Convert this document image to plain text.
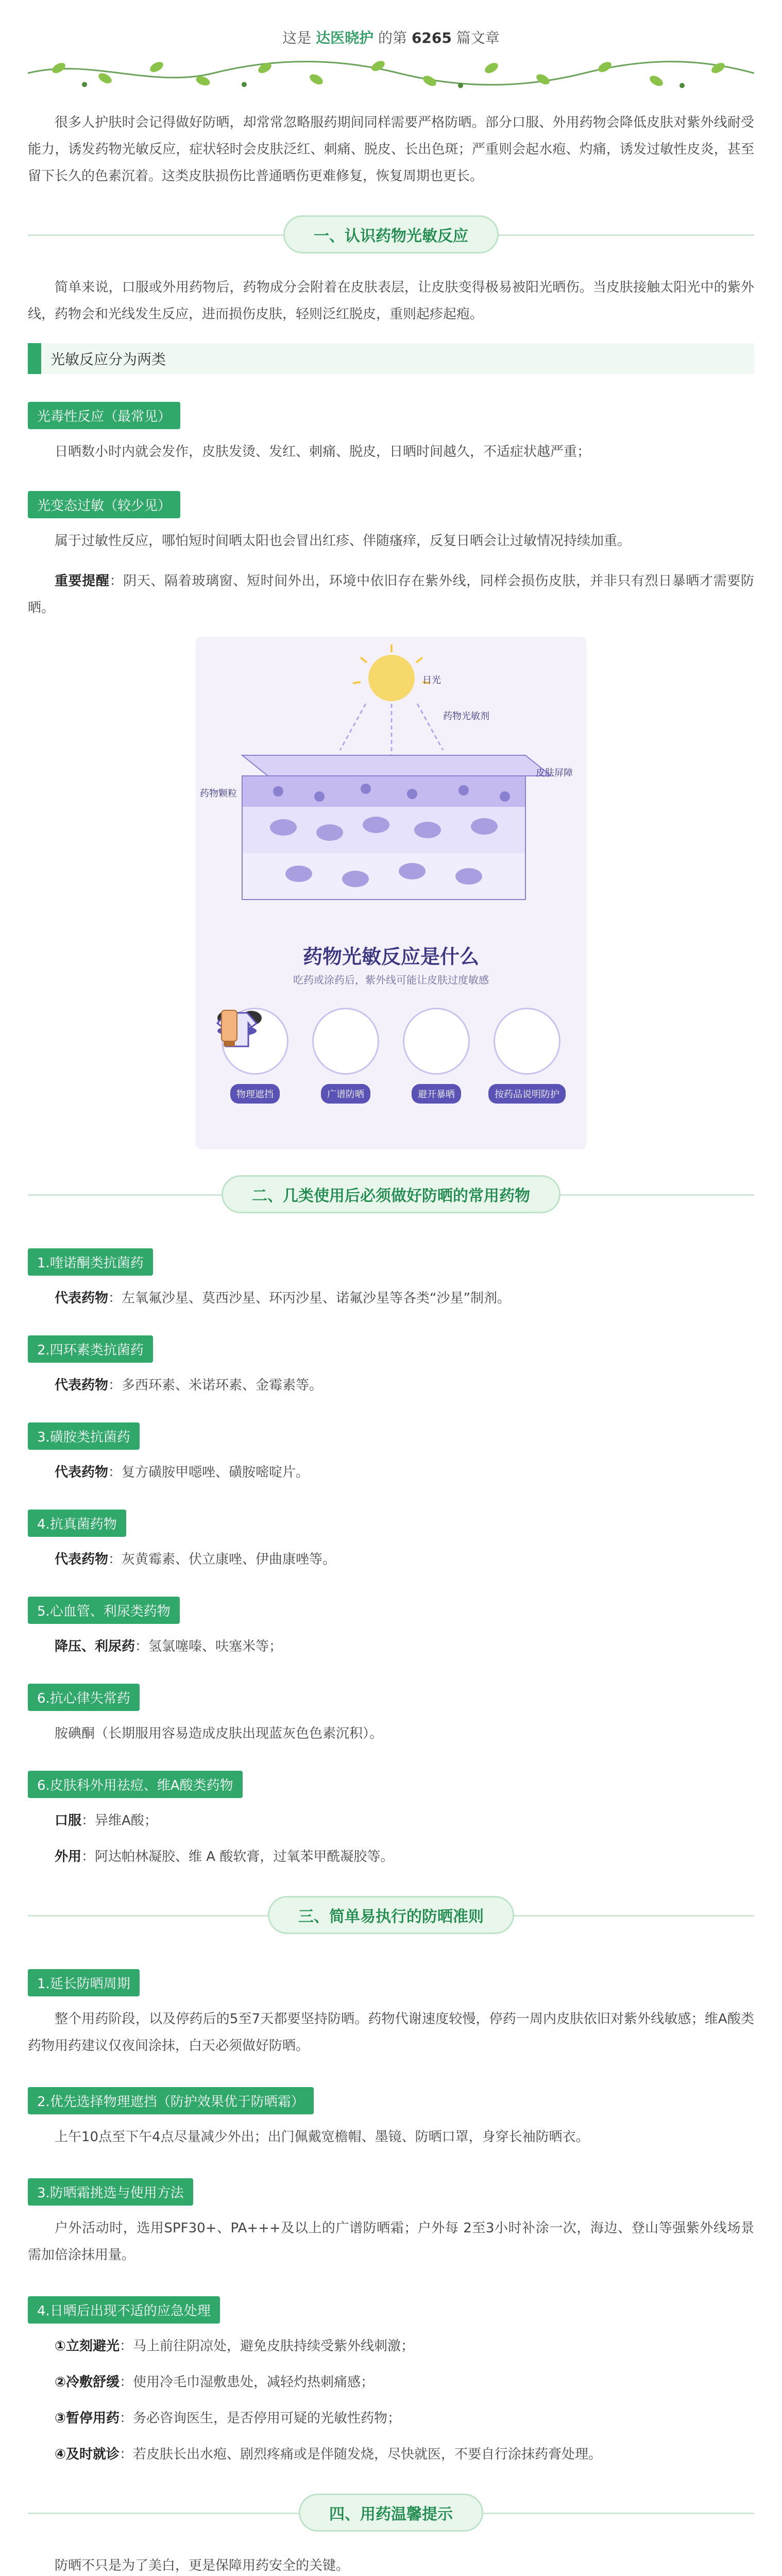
这是 达医晓护 的第 6265 篇文章

很多人护肤时会记得做好防晒，却常常忽略服药期间同样需要严格防晒。部分口服、外用药物会降低皮肤对紫外线耐受能力，诱发药物光敏反应，症状轻时会皮肤泛红、刺痛、脱皮、长出色斑；严重则会起水疱、灼痛，诱发过敏性皮炎，甚至留下长久的色素沉着。这类皮肤损伤比普通晒伤更难修复，恢复周期也更长。

一、认识药物光敏反应

简单来说，口服或外用药物后，药物成分会附着在皮肤表层，让皮肤变得极易被阳光晒伤。当皮肤接触太阳光中的紫外线，药物会和光线发生反应，进而损伤皮肤，轻则泛红脱皮，重则起疹起疱。

光敏反应分为两类
光毒性反应（最常见）

日晒数小时内就会发作，皮肤发烫、发红、刺痛、脱皮，日晒时间越久，不适症状越严重；

光变态过敏（较少见）

属于过敏性反应，哪怕短时间晒太阳也会冒出红疹、伴随瘙痒，反复日晒会让过敏情况持续加重。

重要提醒：阴天、隔着玻璃窗、短时间外出，环境中依旧存在紫外线，同样会损伤皮肤，并非只有烈日暴晒才需要防晒。

药物光敏剂
药物颗粒
皮肤屏障
日光
药物光敏反应是什么
吃药或涂药后，紫外线可能让皮肤过度敏感
物理遮挡	广谱防晒	避开暴晒	按药品说明防护
二、几类使用后必须做好防晒的常用药物
1.喹诺酮类抗菌药
代表药物：左氧氟沙星、莫西沙星、环丙沙星、诺氟沙星等各类“沙星”制剂。
2.四环素类抗菌药
代表药物：多西环素、米诺环素、金霉素等。
3.磺胺类抗菌药
代表药物：复方磺胺甲噁唑、磺胺嘧啶片。
4.抗真菌药物
代表药物：灰黄霉素、伏立康唑、伊曲康唑等。
5.心血管、利尿类药物
降压、利尿药：氢氯噻嗪、呋塞米等；
6.抗心律失常药
胺碘酮（长期服用容易造成皮肤出现蓝灰色色素沉积）。
6.皮肤科外用祛痘、维A酸类药物
口服：异维A酸；
外用：阿达帕林凝胶、维 A 酸软膏，过氧苯甲酰凝胶等。
三、简单易执行的防晒准则
1.延长防晒周期

整个用药阶段，以及停药后的5至7天都要坚持防晒。药物代谢速度较慢，停药一周内皮肤依旧对紫外线敏感；维A酸类药物用药建议仅夜间涂抹，白天必须做好防晒。

2.优先选择物理遮挡（防护效果优于防晒霜）

上午10点至下午4点尽量减少外出；出门佩戴宽檐帽、墨镜、防晒口罩，身穿长袖防晒衣。

3.防晒霜挑选与使用方法

户外活动时，选用SPF30+、PA+++及以上的广谱防晒霜；户外每 2至3小时补涂一次，海边、登山等强紫外线场景需加倍涂抹用量。

4.日晒后出现不适的应急处理
①立刻避光：马上前往阴凉处，避免皮肤持续受紫外线刺激；
②冷敷舒缓：使用冷毛巾湿敷患处，减轻灼热刺痛感；
③暂停用药：务必咨询医生，是否停用可疑的光敏性药物；
④及时就诊：若皮肤长出水疱、剧烈疼痛或是伴随发烧，尽快就医，不要自行涂抹药膏处理。
四、用药温馨提示

防晒不只是为了美白，更是保障用药安全的关键。
